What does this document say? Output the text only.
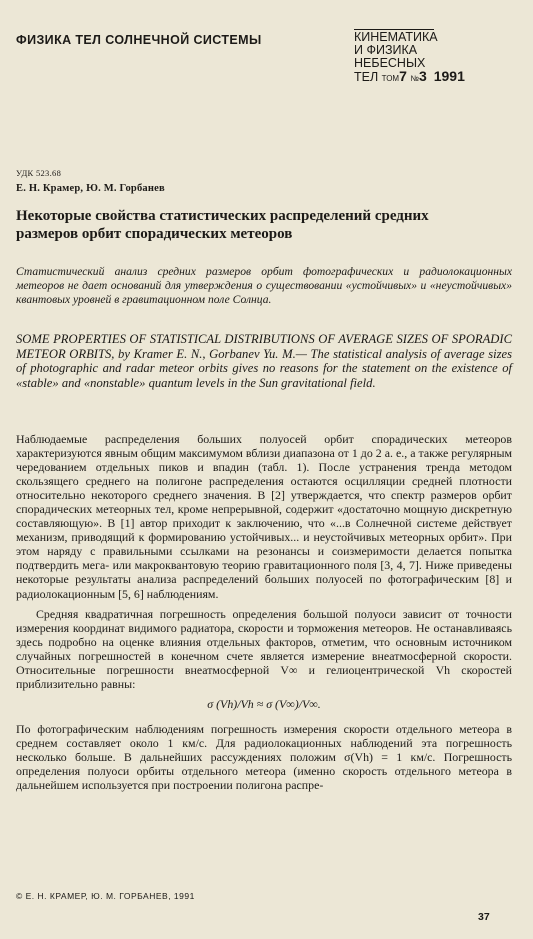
ФИЗИКА ТЕЛ СОЛНЕЧНОЙ СИСТЕМЫ	КИНЕМАТИКА
И ФИЗИКА
НЕБЕСНЫХ
ТЕЛ ТОМ7 №3 1991
УДК 523.68
Е. Н. Крамер, Ю. М. Горбанев
Некоторые свойства статистических распределений средних размеров орбит спорадических метеоров
Статистический анализ средних размеров орбит фотографических и радиолокационных метеоров не дает оснований для утверждения о существовании «устойчивых» и «неустойчивых» квантовых уровней в гравитационном поле Солнца.
SOME PROPERTIES OF STATISTICAL DISTRIBUTIONS OF AVERAGE SIZES OF SPORADIC METEOR ORBITS, by Kramer E. N., Gorbanev Yu. M.— The statistical analysis of average sizes of photographic and radar meteor orbits gives no reasons for the statement on the existence of «stable» and «nonstable» quantum levels in the Sun gravitational field.

Наблюдаемые распределения больших полуосей орбит спорадических метеоров характеризуются явным общим максимумом вблизи диапазона от 1 до 2 а. е., а также регулярным чередованием отдельных пиков и впадин (табл. 1). После устранения тренда методом скользящего среднего на полигоне распределения остаются осцилляции средней плотности относительно некоторого среднего значения. В [2] утверждается, что спектр размеров орбит спорадических метеорных тел, кроме непрерывной, содержит «достаточно мощную дискретную составляющую». В [1] автор приходит к заключению, что «...в Солнечной системе действует механизм, приводящий к формированию устойчивых... и неустойчивых метеорных орбит». При этом наряду с правильными ссылками на резонансы и соизмеримости делается попытка подтвердить мега- или макроквантовую теорию гравитационного поля [3, 4, 7]. Ниже приведены некоторые результаты анализа распределений больших полуосей по фотографическим [8] и радиолокационным [5, 6] наблюдениям.

Средняя квадратичная погрешность определения большой полуоси зависит от точности измерения координат видимого радиатора, скорости и торможения метеоров. Не останавливаясь здесь подробно на оценке влияния отдельных факторов, отметим, что основным источником случайных погрешностей в конечном счете является измерение внеатмосферной скорости. Относительные погрешности внеатмосферной V∞ и гелиоцентрической Vh скоростей приблизительно равны:

σ (Vh)/Vh ≈ σ (V∞)/V∞.

По фотографическим наблюдениям погрешность измерения скорости отдельного метеора в среднем составляет около 1 км/с. Для радиолокационных наблюдений эта погрешность несколько больше. В дальнейших рассуждениях положим σ(Vh) = 1 км/с. Погрешность определения полуоси орбиты отдельного метеора (именно скорость отдельного метеора в дальнейшем используется при построении полигона распре-

© Е. Н. КРАМЕР, Ю. М. ГОРБАНЕВ, 1991
37
